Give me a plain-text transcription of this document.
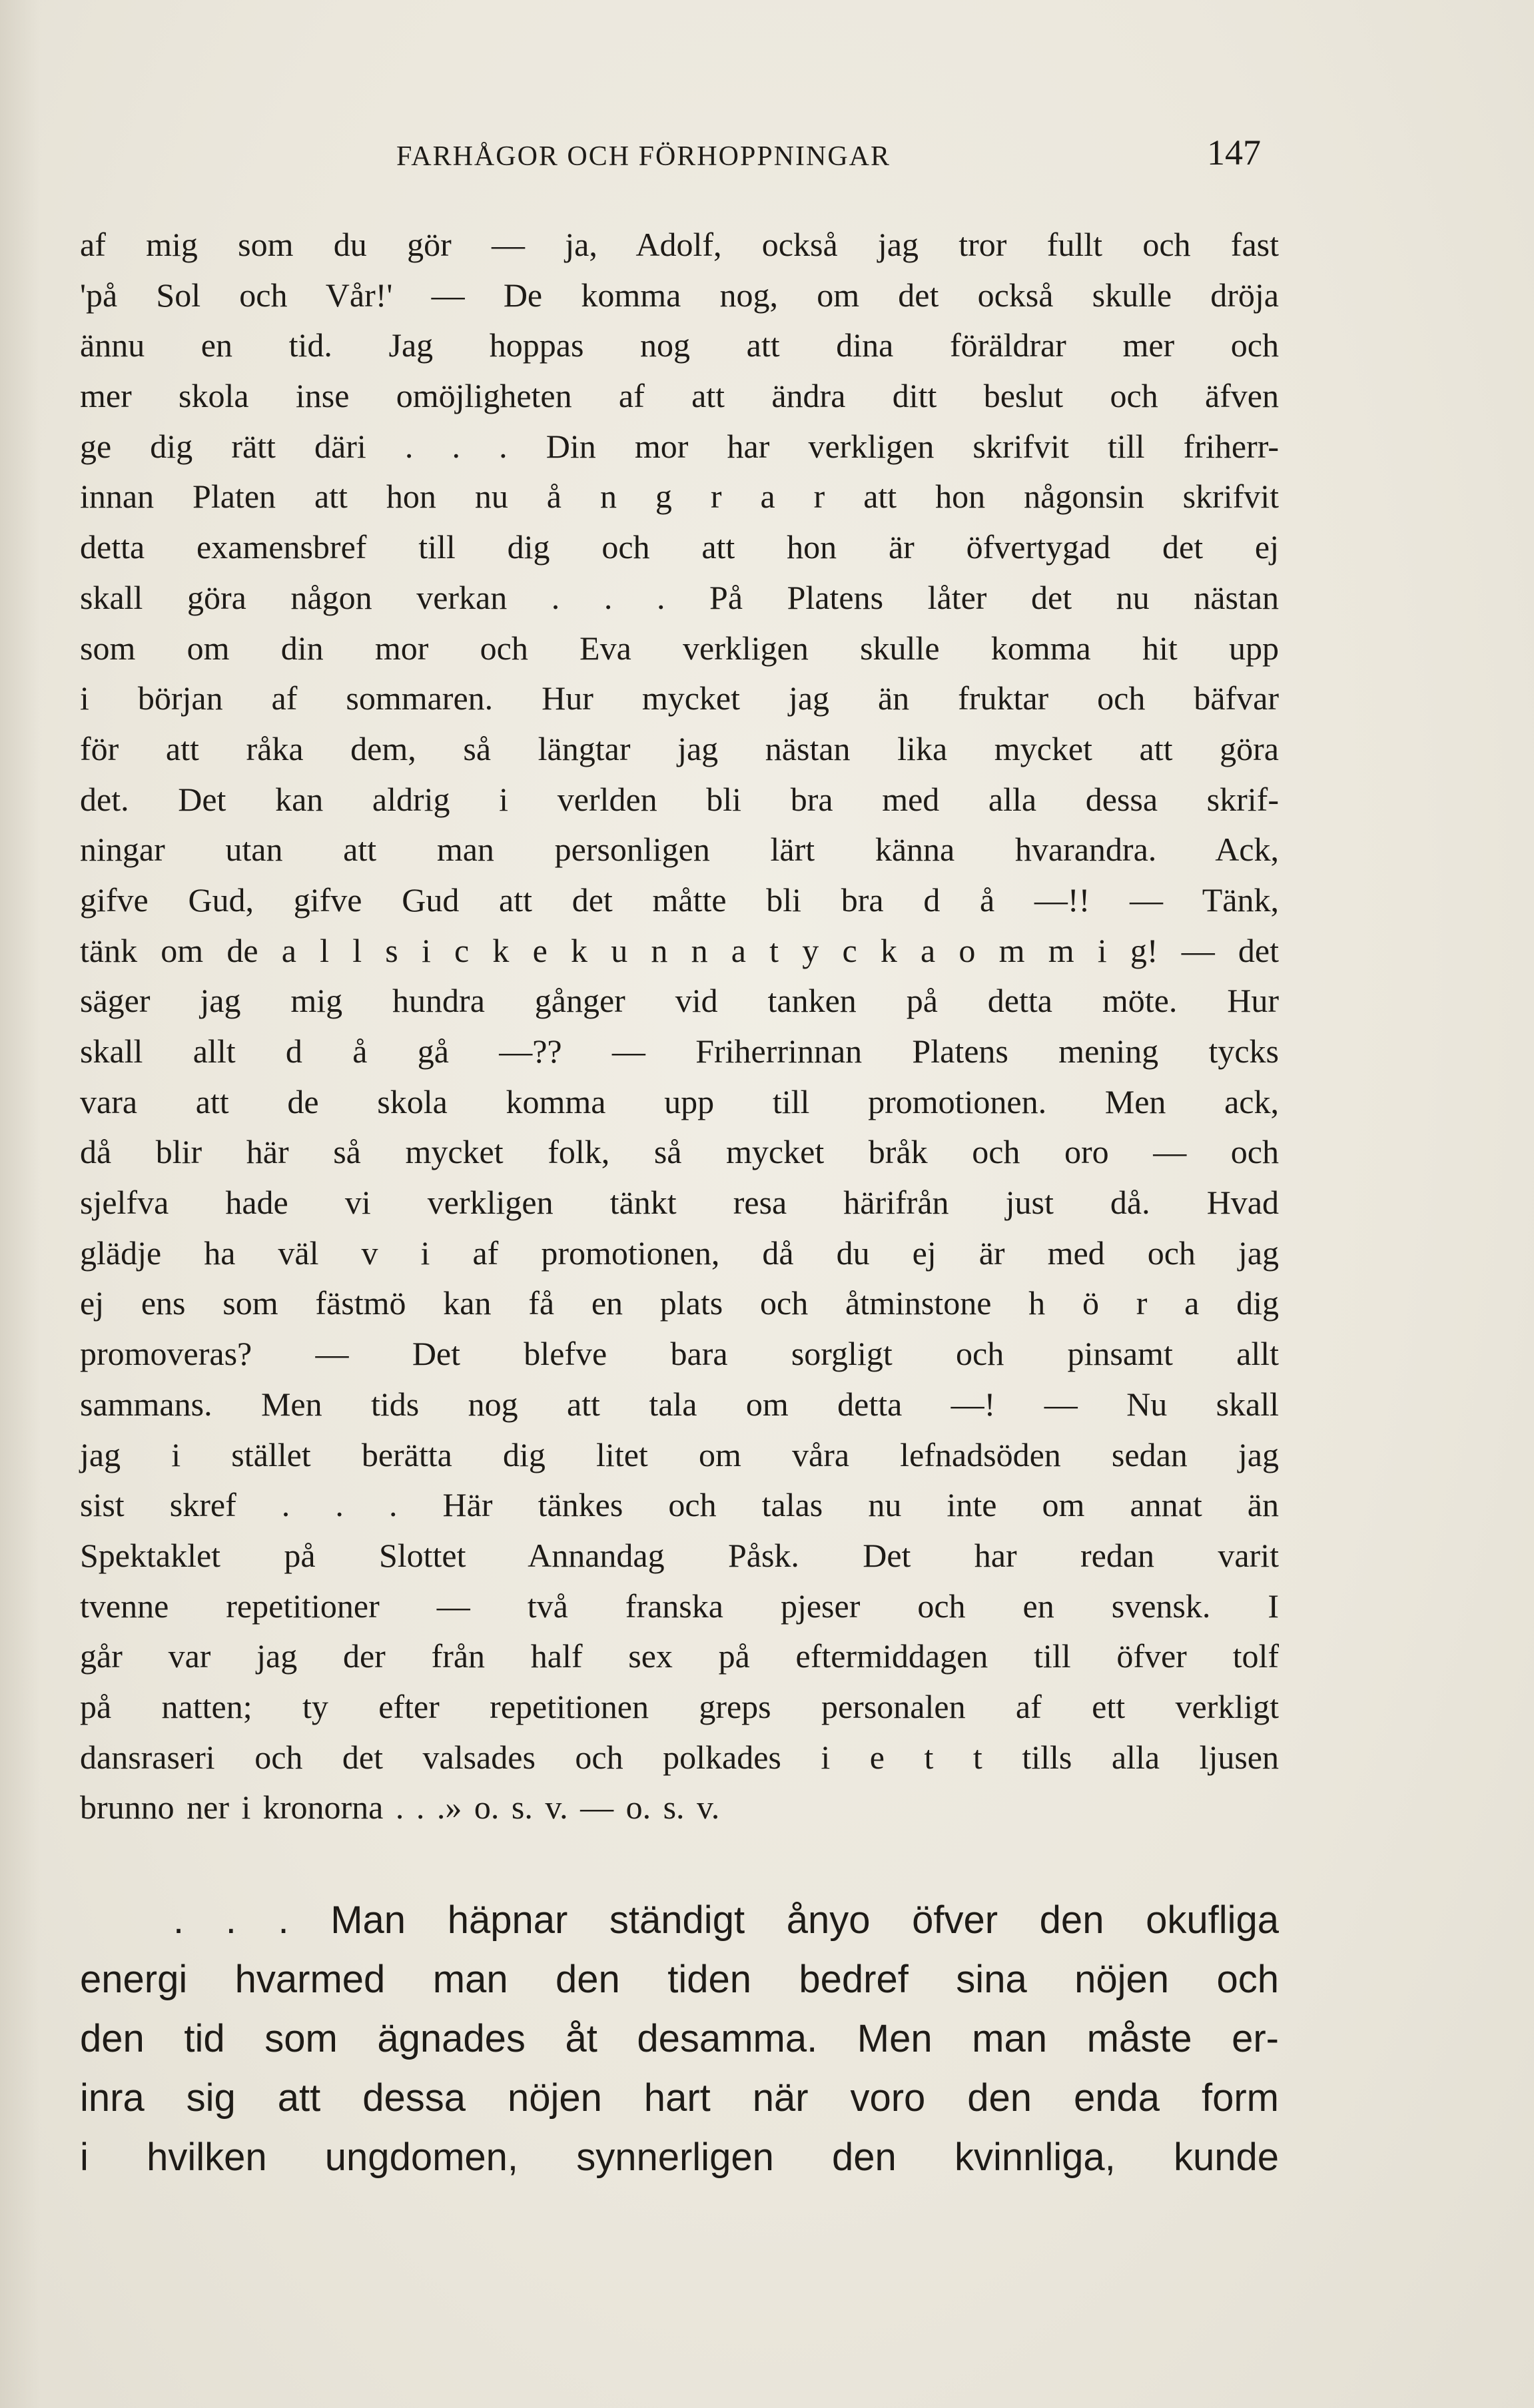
FARHÅGOR OCH FÖRHOPPNINGAR	147
af mig som du gör — ja, Adolf, också jag tror fullt och fast
'på Sol och Vår!' — De komma nog, om det också skulle dröja
ännu en tid. Jag hoppas nog att dina föräldrar mer och
mer skola inse omöjligheten af att ändra ditt beslut och äfven
ge dig rätt däri . . . Din mor har verkligen skrifvit till friherr-
innan Platen att hon nu å n g r a r att hon någonsin skrifvit
detta examensbref till dig och att hon är öfvertygad det ej
skall göra någon verkan . . . På Platens låter det nu nästan
som om din mor och Eva verkligen skulle komma hit upp
i början af sommaren. Hur mycket jag än fruktar och bäfvar
för att råka dem, så längtar jag nästan lika mycket att göra
det. Det kan aldrig i verlden bli bra med alla dessa skrif-
ningar utan att man personligen lärt känna hvarandra. Ack,
gifve Gud, gifve Gud att det måtte bli bra d å —!! — Tänk,
tänk om de a l l s i c k e k u n n a t y c k a o m m i g! — det
säger jag mig hundra gånger vid tanken på detta möte. Hur
skall allt d å gå —?? — Friherrinnan Platens mening tycks
vara att de skola komma upp till promotionen. Men ack,
då blir här så mycket folk, så mycket bråk och oro — och
sjelfva hade vi verkligen tänkt resa härifrån just då. Hvad
glädje ha väl v i af promotionen, då du ej är med och jag
ej ens som fästmö kan få en plats och åtminstone h ö r a dig
promoveras? — Det blefve bara sorgligt och pinsamt allt
sammans. Men tids nog att tala om detta —! — Nu skall
jag i stället berätta dig litet om våra lefnadsöden sedan jag
sist skref . . . Här tänkes och talas nu inte om annat än
Spektaklet på Slottet Annandag Påsk. Det har redan varit
tvenne repetitioner — två franska pjeser och en svensk. I
går var jag der från half sex på eftermiddagen till öfver tolf
på natten; ty efter repetitionen greps personalen af ett verkligt
dansraseri och det valsades och polkades i e t t tills alla ljusen
brunno ner i kronorna . . .» o. s. v. — o. s. v.
. . . Man häpnar ständigt ånyo öfver den okufliga
energi hvarmed man den tiden bedref sina nöjen och
den tid som ägnades åt desamma. Men man måste er-
inra sig att dessa nöjen hart när voro den enda form
i hvilken ungdomen, synnerligen den kvinnliga, kunde
